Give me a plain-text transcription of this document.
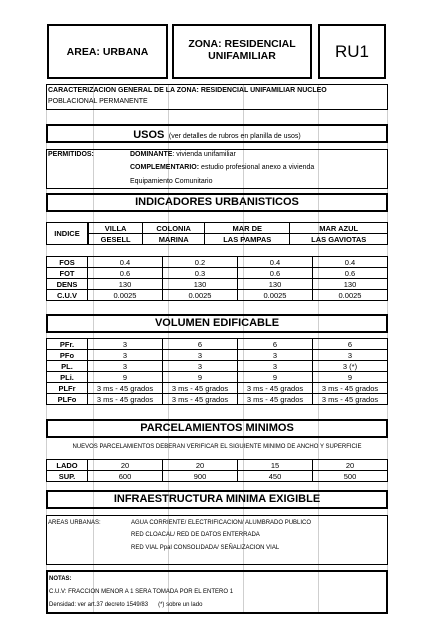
AREA: URBANA
ZONA: RESIDENCIAL
UNIFAMILIAR	RU1
CARACTERIZACION GENERAL DE LA ZONA: RESIDENCIAL UNIFAMILIAR NUCLEO
POBLACIONAL PERMANENTE
USOS (ver detalles de rubros en planilla de usos)
PERMITIDOS:	DOMINANTE: vivienda unifamiliar
COMPLEMENTARIO: estudio profesional anexo a vivienda
Equipamiento Comunitario
INDICADORES URBANISTICOS
INDICE	VILLA	COLONIA	MAR DE	MAR AZUL
	GESELL	MARINA	LAS PAMPAS	LAS GAVIOTAS
FOS	0.4	0.2	0.4	0.4
FOT	0.6	0.3	0.6	0.6
DENS	130	130	130	130
C.U.V	0.0025	0.0025	0.0025	0.0025
VOLUMEN EDIFICABLE
PFr.	3	6	6	6
PFo	3	3	3	3
PL.	3	3	3	3 (*)
PLi.	9	9	9	9
PLFr	3 ms - 45 grados	3 ms - 45 grados	3 ms - 45 grados	3 ms - 45 grados
PLFo	3 ms - 45 grados	3 ms - 45 grados	3 ms - 45 grados	3 ms - 45 grados
PARCELAMIENTOS MINIMOS
NUEVOS PARCELAMIENTOS DEBERAN VERIFICAR EL SIGUIENTE MINIMO DE ANCHO Y SUPERFICIE
LADO	20	20	15	20
SUP.	600	900	450	500
INFRAESTRUCTURA MINIMA EXIGIBLE
AREAS URBANAS:	AGUA CORRIENTE/ ELECTRIFICACION/ ALUMBRADO PUBLICO
RED CLOACAL/ RED DE DATOS ENTERRADA
RED VIAL Ppal CONSOLIDADA/ SEÑALIZACION VIAL
NOTAS:
C.U.V: FRACCION MENOR A 1 SERA TOMADA POR EL ENTERO 1
Densidad: ver art.37 decreto 1549/83      (*) sobre un lado
